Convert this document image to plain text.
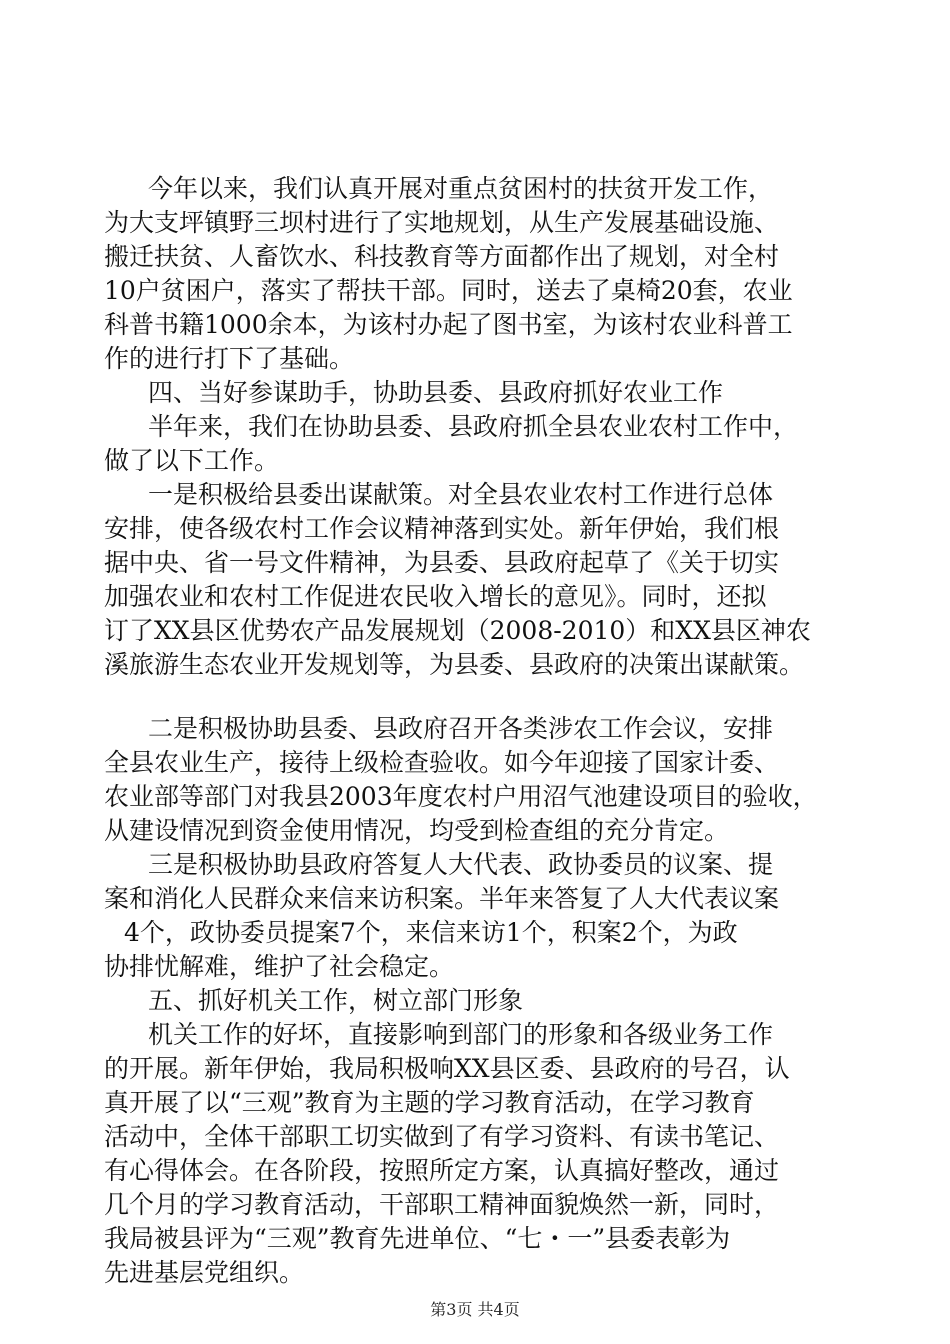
今年以来，我们认真开展对重点贫困村的扶贫开发工作，
为大支坪镇野三坝村进行了实地规划，从生产发展基础设施、
搬迁扶贫、人畜饮水、科技教育等方面都作出了规划，对全村
10户贫困户，落实了帮扶干部。同时，送去了桌椅20套，农业
科普书籍1000余本，为该村办起了图书室，为该村农业科普工
作的进行打下了基础。
四、当好参谋助手，协助县委、县政府抓好农业工作
半年来，我们在协助县委、县政府抓全县农业农村工作中，
做了以下工作。
一是积极给县委出谋献策。对全县农业农村工作进行总体
安排，使各级农村工作会议精神落到实处。新年伊始，我们根
据中央、省一号文件精神，为县委、县政府起草了《关于切实
加强农业和农村工作促进农民收入增长的意见》。同时，还拟
订了XX县区优势农产品发展规划（2008-2010）和XX县区神农
溪旅游生态农业开发规划等，为县委、县政府的决策出谋献策。
二是积极协助县委、县政府召开各类涉农工作会议，安排
全县农业生产，接待上级检查验收。如今年迎接了国家计委、
农业部等部门对我县2003年度农村户用沼气池建设项目的验收，
从建设情况到资金使用情况，均受到检查组的充分肯定。
三是积极协助县政府答复人大代表、政协委员的议案、提
案和消化人民群众来信来访积案。半年来答复了人大代表议案
4个，政协委员提案7个，来信来访1个，积案2个，为政
协排忧解难，维护了社会稳定。
五、抓好机关工作，树立部门形象
机关工作的好坏，直接影响到部门的形象和各级业务工作
的开展。新年伊始，我局积极响XX县区委、县政府的号召，认
真开展了以“三观”教育为主题的学习教育活动，在学习教育
活动中，全体干部职工切实做到了有学习资料、有读书笔记、
有心得体会。在各阶段，按照所定方案，认真搞好整改，通过
几个月的学习教育活动，干部职工精神面貌焕然一新，同时，
我局被县评为“三观”教育先进单位、“七・一”县委表彰为
先进基层党组织。
第3页 共4页
